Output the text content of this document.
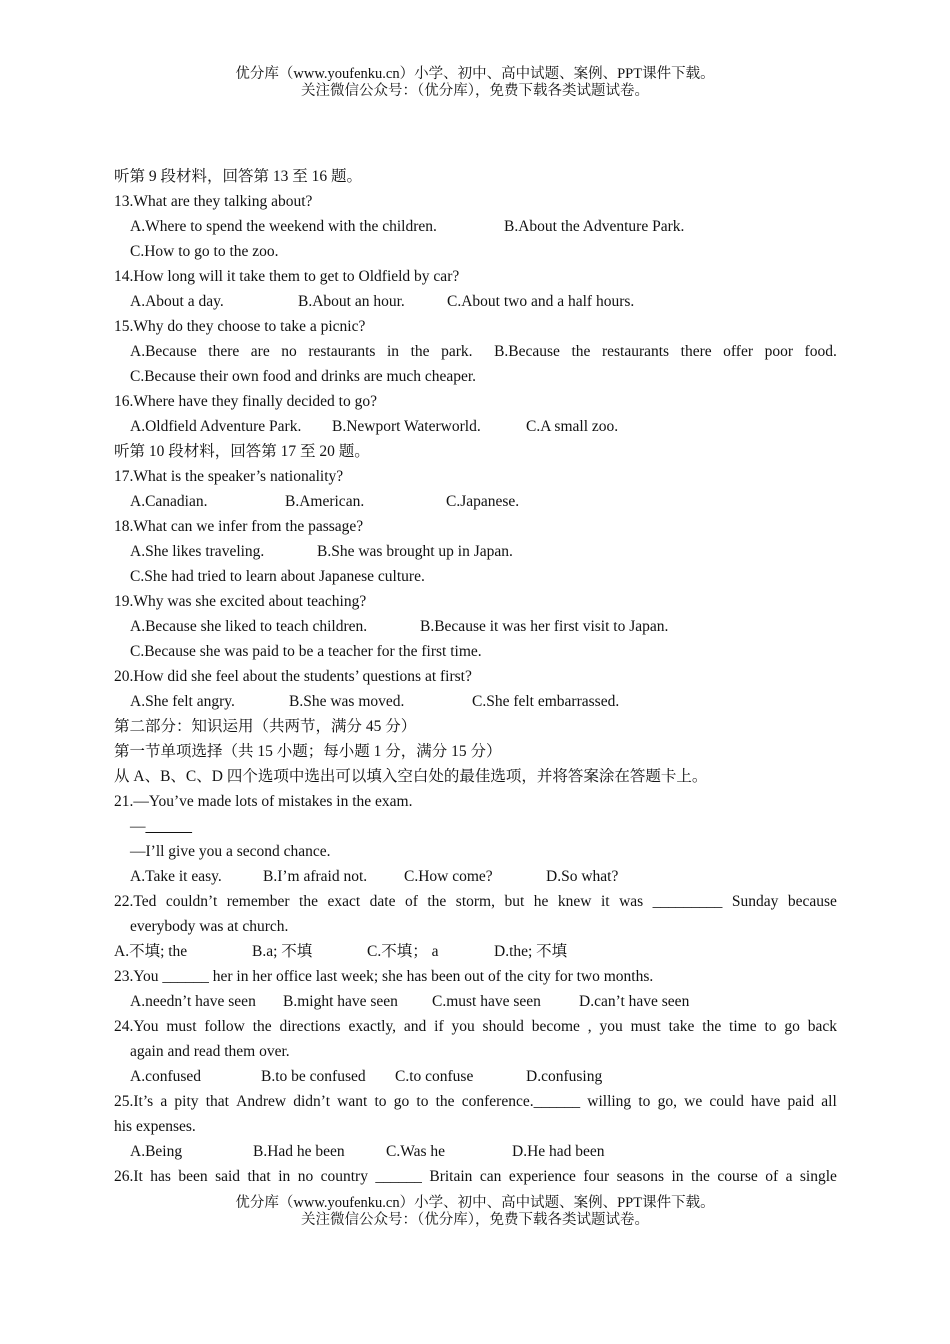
优分库（www.youfenku.cn）小学、初中、高中试题、案例、PPT课件下载。
关注微信公众号：（优分库），免费下载各类试题试卷。
听第 9 段材料，回答第 13 至 16 题。
13.What are they talking about?
A.Where to spend the weekend with the children.	B.About the Adventure Park.
C.How to go to the zoo.
14.How long will it take them to get to Oldfield by car?
A.About a day.	B.About an hour.	C.About two and a half hours.
15.Why do they choose to take a picnic?
A.Because there are no restaurants in the park. B.Because the restaurants there offer poor food.
C.Because their own food and drinks are much cheaper.
16.Where have they finally decided to go?
A.Oldfield Adventure Park. B.Newport Waterworld.	C.A small zoo.
听第 10 段材料，回答第 17 至 20 题。
17.What is the speaker’s nationality?
A.Canadian.	B.American.	C.Japanese.
18.What can we infer from the passage?
A.She likes traveling.	B.She was brought up in Japan.
C.She had tried to learn about Japanese culture.
19.Why was she excited about teaching?
A.Because she liked to teach children.	B.Because it was her first visit to Japan.
C.Because she was paid to be a teacher for the first time.
20.How did she feel about the students’ questions at first?
A.She felt angry.	B.She was moved.	C.She felt embarrassed.
第二部分：知识运用（共两节，满分 45 分）
第一节单项选择（共 15 小题；每小题 1 分，满分 15 分）
从 A、B、C、D 四个选项中选出可以填入空白处的最佳选项，并将答案涂在答题卡上。
21.—You’ve made lots of mistakes in the exam.
—______
—I’ll give you a second chance.
A.Take it easy.	B.I’m afraid not. C.How come?	D.So what?
22.Ted couldn’t remember the exact date of the storm, but he knew it was _________ Sunday because
everybody was at church.
A.不填; the	B.a; 不填	C.不填； a	D.the; 不填
23.You ______ her in her office last week; she has been out of the city for two months.
A.needn’t have seen B.might have seen C.must have seen D.can’t have seen
24.You must follow the directions exactly, and if you should become , you must take the time to go back
again and read them over.
A.confused	B.to be confused C.to confuse	D.confusing
25.It’s a pity that Andrew didn’t want to go to the conference.______ willing to go, we could have paid all
his expenses.
A.Being	B.Had he been	C.Was he	D.He had been
26.It has been said that in no country ______ Britain can experience four seasons in the course of a single
优分库（www.youfenku.cn）小学、初中、高中试题、案例、PPT课件下载。
关注微信公众号：（优分库），免费下载各类试题试卷。
